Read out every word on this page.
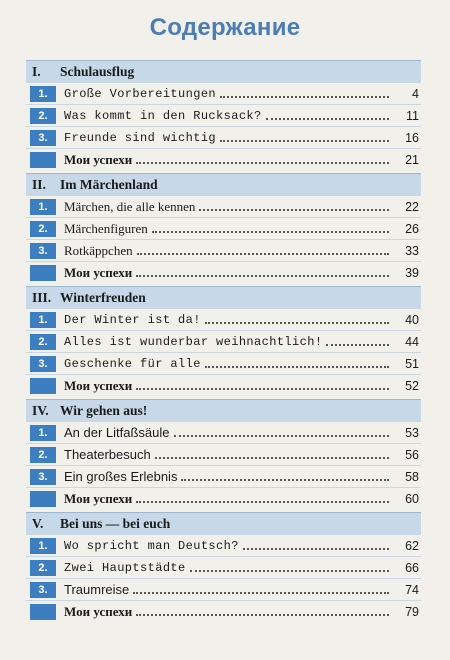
Содержание
I.	Schulausflug
1.	Große Vorbereitungen	4
2.	Was kommt in den Rucksack?	11
3.	Freunde sind wichtig	16
Мои успехи	21
II.	Im Märchenland
1.	Märchen, die alle kennen	22
2.	Märchenfiguren	26
3.	Rotkäppchen	33
Мои успехи	39
III. Winterfreuden
1.	Der Winter ist da!	40
2.	Alles ist wunderbar weihnachtlich!	44
3.	Geschenke für alle	51
Мои успехи	52
IV. Wir gehen aus!
1.	An der Litfaßsäule	53
2.	Theaterbesuch	56
3.	Ein großes Erlebnis	58
Мои успехи	60
V.	Bei uns — bei euch
1.	Wo spricht man Deutsch?	62
2.	Zwei Hauptstädte	66
3.	Traumreise	74
Мои успехи	79
